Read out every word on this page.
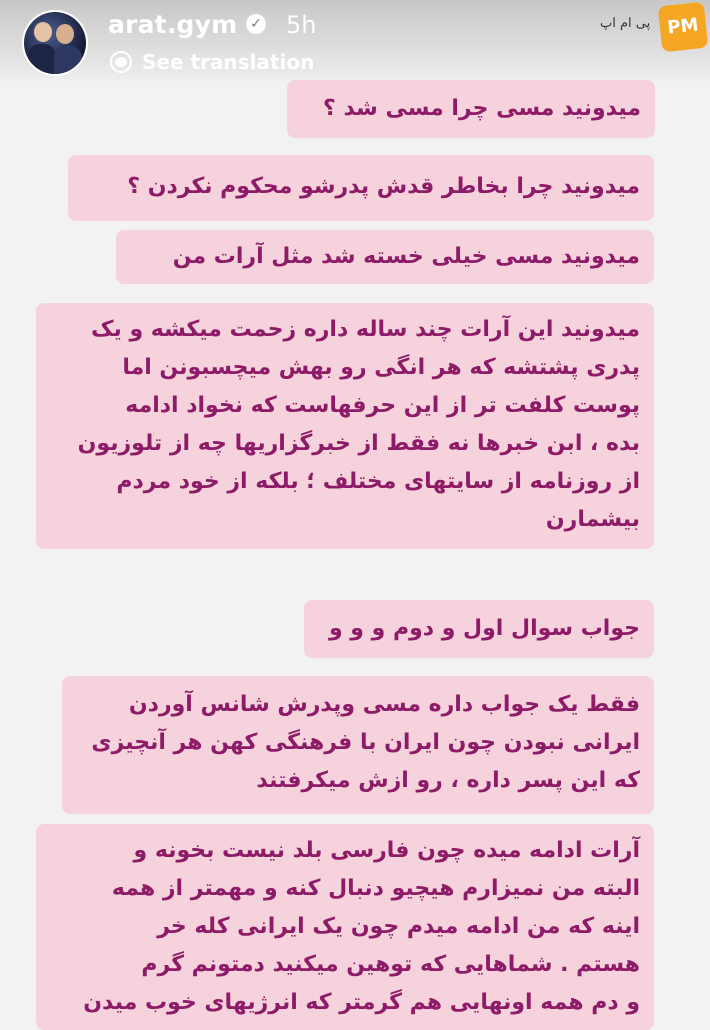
arat.gym ✓ 5h
See translation
پی ام اپ PM

میدونید مسی چرا مسی شد ؟

میدونید چرا بخاطر قدش پدرشو محکوم نکردن ؟

میدونید مسی خیلی خسته شد مثل آرات من

میدونید این آرات چند ساله داره زحمت میکشه و یک

پدری پشتشه که هر انگی رو بهش میچسبونن اما

پوست کلفت تر از این حرفهاست که نخواد ادامه

بده ، ابن خبرها نه فقط از خبرگزاریها چه از تلوزیون

از روزنامه از سایتهای مختلف ؛ بلکه از خود مردم

بیشمارن

جواب سوال اول و دوم و و و

فقط یک جواب داره مسی وپدرش شانس آوردن

ایرانی نبودن چون ایران با فرهنگی کهن هر آنچیزی

که این پسر داره ، رو ازش میکرفتند

آرات ادامه میده چون فارسی بلد نیست بخونه و

البته من نمیزارم هیچیو دنبال کنه و مهمتر از همه

اینه که من ادامه میدم چون یک ایرانی کله خر

هستم . شماهایی که توهین میکنید دمتونم گرم

و دم همه اونهایی هم گرمتر که انرژیهای خوب میدن
